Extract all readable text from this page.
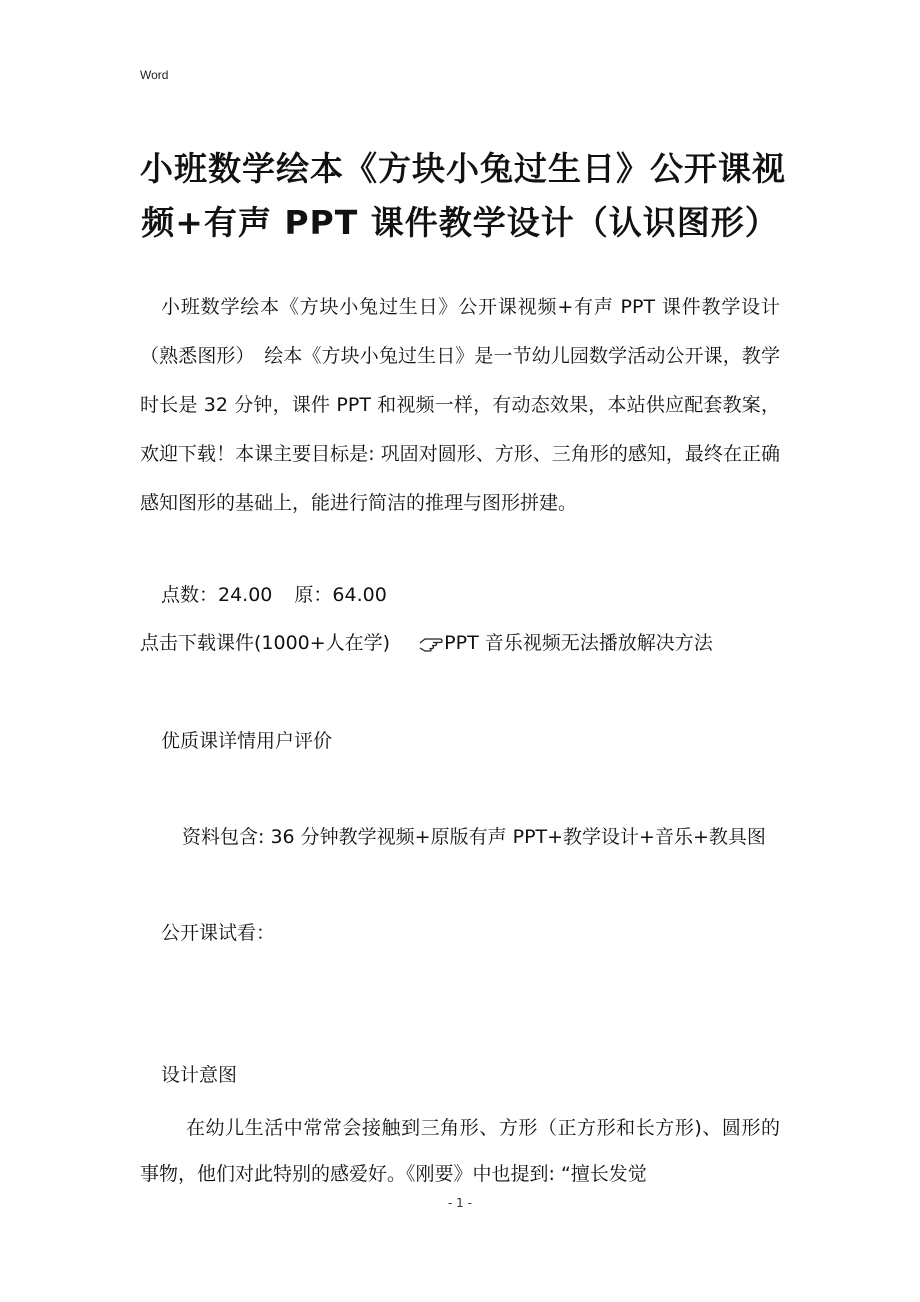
Word
小班数学绘本《方块小兔过生日》公开课视
频+有声 PPT 课件教学设计（认识图形）
小班数学绘本《方块小兔过生日》公开课视频+有声 PPT 课件教学设计（熟悉图形）　绘本《方块小兔过生日》是一节幼儿园数学活动公开课，教学时长是 32 分钟，课件 PPT 和视频一样，有动态效果，本站供应配套教案，欢迎下载！本课主要目标是: 巩固对圆形、方形、三角形的感知，最终在正确感知图形的基础上，能进行简洁的推理与图形拼建。
点数：24.00 原：64.00
点击下载课件(1000+人在学)	PPT 音乐视频无法播放解决方法
优质课详情用户评价
资料包含: 36 分钟教学视频+原版有声 PPT+教学设计+音乐+教具图
公开课试看：
设计意图
在幼儿生活中常常会接触到三角形、方形（正方形和长方形)、圆形的事物，他们对此特别的感爱好。《刚要》中也提到: “擅长发觉
- 1 -
